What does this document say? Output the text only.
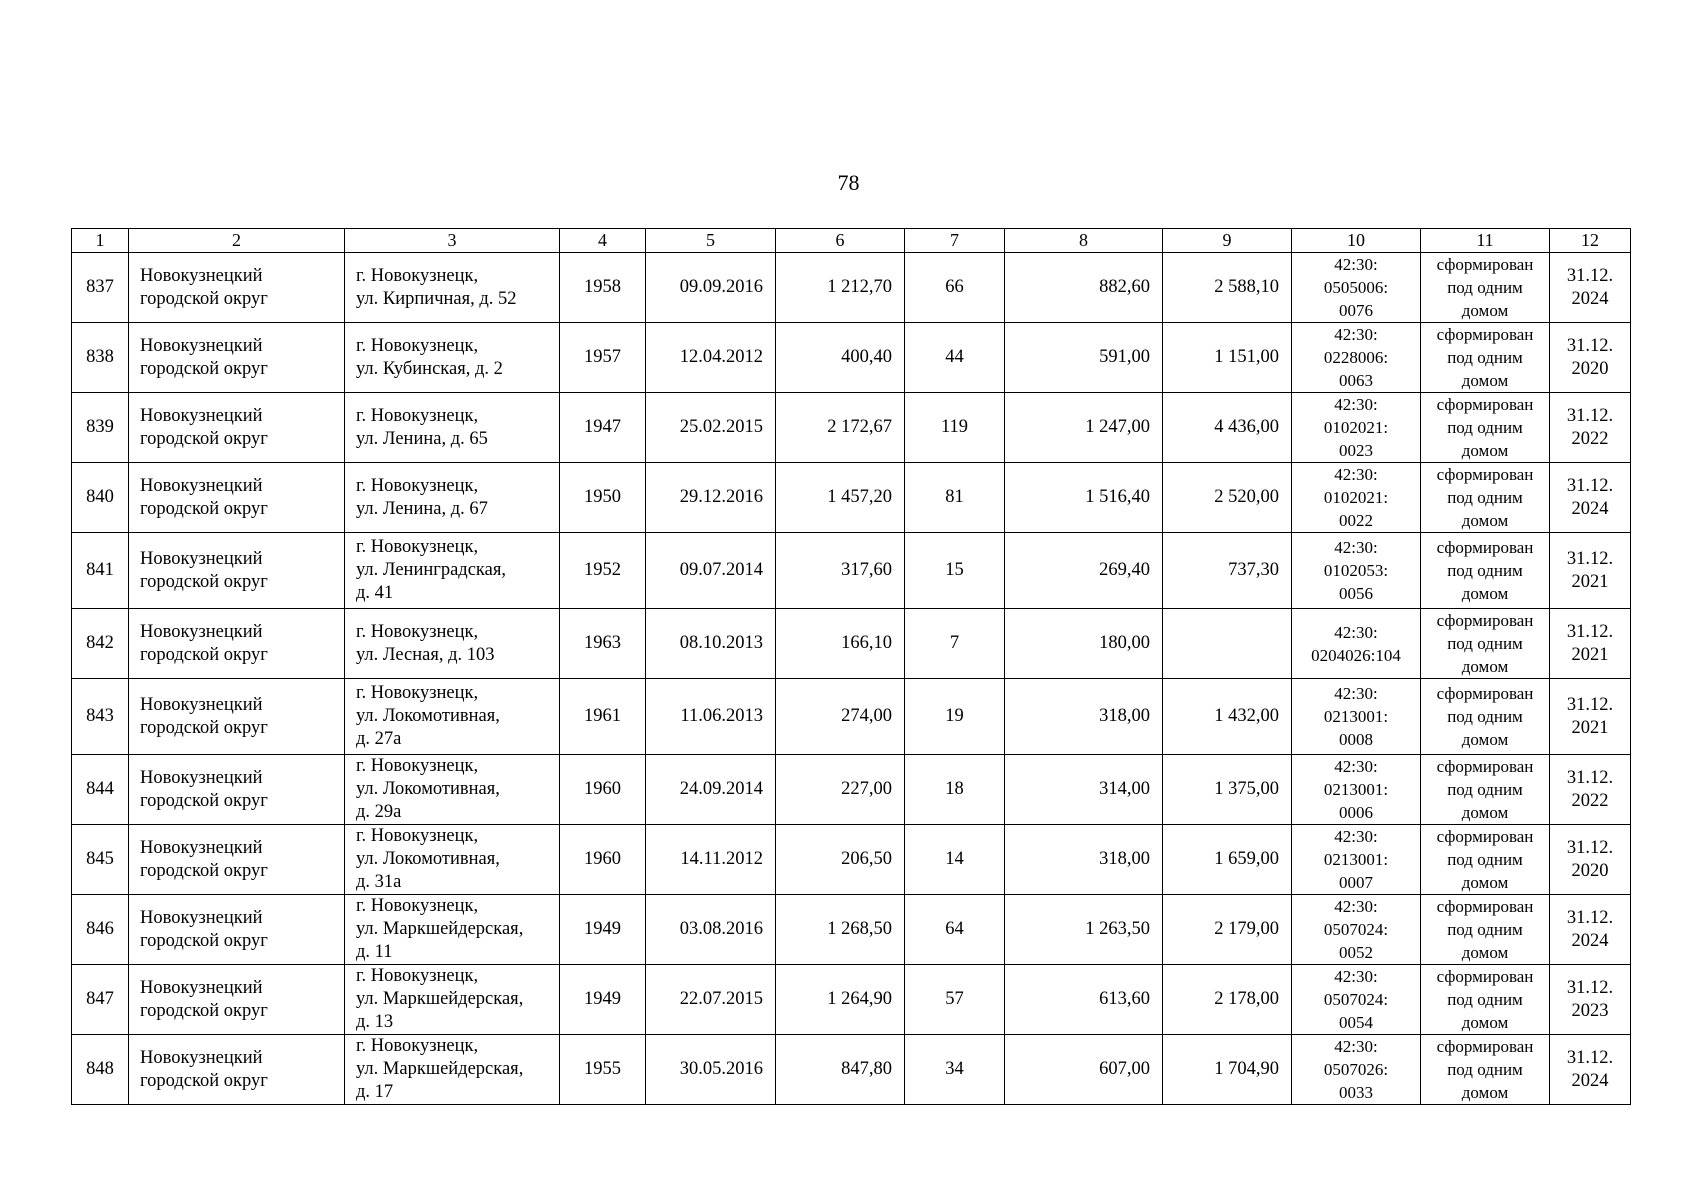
78
1	2	3	4	5	6	7	8	9	10	11	12
837	Новокузнецкий
городской округ	г. Новокузнецк,
ул. Кирпичная, д. 52	1958	09.09.2016	1 212,70	66	882,60	2 588,10	42:30:
0505006:
0076	сформирован
под одним
домом	31.12.
2024

838	Новокузнецкий
городской округ	г. Новокузнецк,
ул. Кубинская, д. 2	1957	12.04.2012	400,40	44	591,00	1 151,00	42:30:
0228006:
0063	сформирован
под одним
домом	31.12.
2020

839	Новокузнецкий
городской округ	г. Новокузнецк,
ул. Ленина, д. 65	1947	25.02.2015	2 172,67	119	1 247,00	4 436,00	42:30:
0102021:
0023	сформирован
под одним
домом	31.12.
2022

840	Новокузнецкий
городской округ	г. Новокузнецк,
ул. Ленина, д. 67	1950	29.12.2016	1 457,20	81	1 516,40	2 520,00	42:30:
0102021:
0022	сформирован
под одним
домом	31.12.
2024

841	Новокузнецкий
городской округ	г. Новокузнецк,
ул. Ленинградская,
д. 41	1952	09.07.2014	317,60	15	269,40	737,30	42:30:
0102053:
0056	сформирован
под одним
домом	31.12.
2021

842	Новокузнецкий
городской округ	г. Новокузнецк,
ул. Лесная, д. 103	1963	08.10.2013	166,10	7	180,00		42:30:
0204026:104	сформирован
под одним
домом	31.12.
2021

843	Новокузнецкий
городской округ	г. Новокузнецк,
ул. Локомотивная,
д. 27а	1961	11.06.2013	274,00	19	318,00	1 432,00	42:30:
0213001:
0008	сформирован
под одним
домом	31.12.
2021

844	Новокузнецкий
городской округ	г. Новокузнецк,
ул. Локомотивная,
д. 29а	1960	24.09.2014	227,00	18	314,00	1 375,00	42:30:
0213001:
0006	сформирован
под одним
домом	31.12.
2022

845	Новокузнецкий
городской округ	г. Новокузнецк,
ул. Локомотивная,
д. 31а	1960	14.11.2012	206,50	14	318,00	1 659,00	42:30:
0213001:
0007	сформирован
под одним
домом	31.12.
2020

846	Новокузнецкий
городской округ	г. Новокузнецк,
ул. Маркшейдерская,
д. 11	1949	03.08.2016	1 268,50	64	1 263,50	2 179,00	42:30:
0507024:
0052	сформирован
под одним
домом	31.12.
2024

847	Новокузнецкий
городской округ	г. Новокузнецк,
ул. Маркшейдерская,
д. 13	1949	22.07.2015	1 264,90	57	613,60	2 178,00	42:30:
0507024:
0054	сформирован
под одним
домом	31.12.
2023

848	Новокузнецкий
городской округ	г. Новокузнецк,
ул. Маркшейдерская,
д. 17	1955	30.05.2016	847,80	34	607,00	1 704,90	42:30:
0507026:
0033	сформирован
под одним
домом	31.12.
2024
